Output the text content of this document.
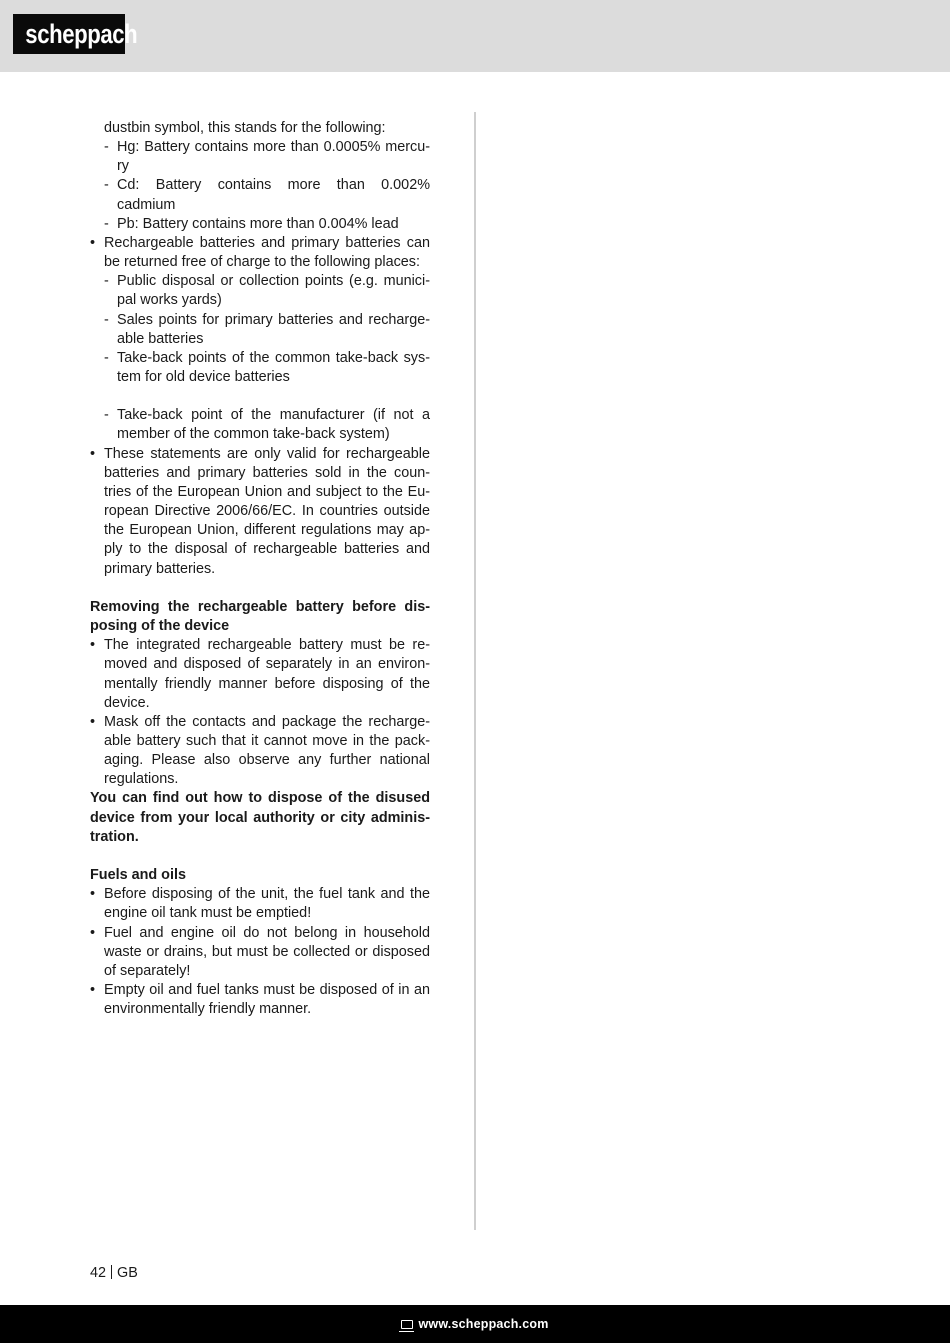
scheppach

dustbin symbol, this stands for the following:

- Hg: Battery contains more than 0.0005% mercu-ry

- Cd: Battery contains more than 0.002% cadmium

- Pb: Battery contains more than 0.004% lead

• Rechargeable batteries and primary batteries can be returned free of charge to the following places:

- Public disposal or collection points (e.g. munici-pal works yards)

- Sales points for primary batteries and recharge-able batteries

- Take-back points of the common take-back sys-tem for old device batteries

- Take-back point of the manufacturer (if not a member of the common take-back system)

• These statements are only valid for rechargeable batteries and primary batteries sold in the coun-tries of the European Union and subject to the Eu-ropean Directive 2006/66/EC. In countries outside the European Union, different regulations may ap-ply to the disposal of rechargeable batteries and primary batteries.

Removing the rechargeable battery before dis-posing of the device

• The integrated rechargeable battery must be re-moved and disposed of separately in an environ-mentally friendly manner before disposing of the device.

• Mask off the contacts and package the recharge-able battery such that it cannot move in the pack-aging. Please also observe any further national regulations.

You can find out how to dispose of the disused device from your local authority or city adminis-tration.

Fuels and oils

• Before disposing of the unit, the fuel tank and the engine oil tank must be emptied!

• Fuel and engine oil do not belong in household waste or drains, but must be collected or disposed of separately!

• Empty oil and fuel tanks must be disposed of in an environmentally friendly manner.

42 GB
www.scheppach.com
